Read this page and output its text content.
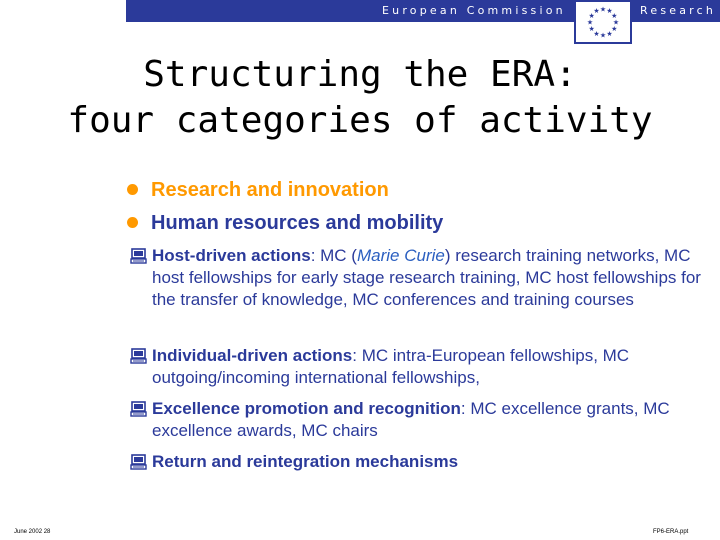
European Commission	Research
★ ★
★
★
★
★
★
★
★
★
★
★
Structuring the ERA:
four categories of activity
Research and innovation
Human resources and mobility
Host-driven actions: MC (Marie Curie) research training networks, MC host fellowships for early stage research training, MC host fellowships for the transfer of knowledge, MC conferences and training courses
Individual-driven actions: MC intra-European fellowships, MC outgoing/incoming international fellowships,
Excellence promotion and recognition: MC excellence grants, MC excellence awards, MC chairs
Return and reintegration mechanisms
June 2002 28	FP6-ERA.ppt
